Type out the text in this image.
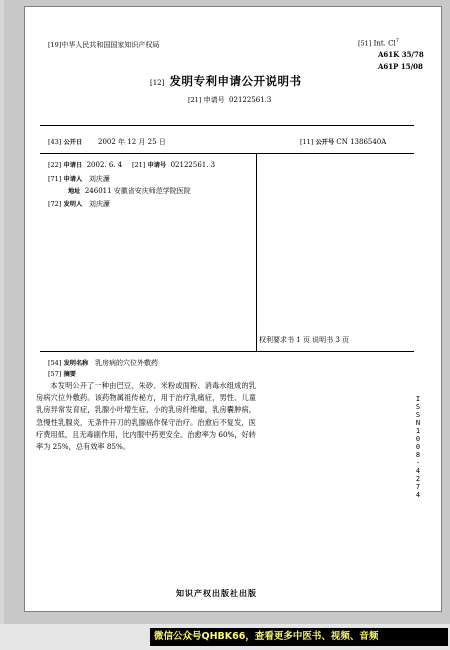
[19]中华人民共和国国家知识产权局	[51] Int. Cl$^7$
A61K 35/78
A61P 15/08
[12] 发明专利申请公开说明书
[21] 申请号 02122561.3
[43] 公开日 2002 年 12 月 25 日	[11] 公开号 CN 1386540A
[22] 申请日 2002. 6. 4 [21] 申请号 02122561. 3
[71] 申请人 刘庆濂
地址 246011 安徽省安庆师范学院医院
[72] 发明人 刘庆濂
权利要求书 1 页 说明书 3 页
[54] 发明名称 乳房病的穴位外敷药
[57] 摘要

本发明公开了一种由巴豆、朱砂、米粉或面粉、消毒水组成的乳房病穴位外敷药。该药物属祖传秘方，用于治疗乳痛症，男性、儿童乳房异常发育症，乳腺小叶增生症，小的乳房纤维瘤，乳房囊肿病，急慢性乳腺炎，无条件开刀的乳腺癌作保守治疗。治愈后不复发，医疗费用低，且无毒副作用，比内服中药更安全。治愈率为 60%，好转率为 25%，总有效率 85%。	ISSN1008-4274
知识产权出版社出版
微信公众号QHBK66，查看更多中医书、视频、音频
